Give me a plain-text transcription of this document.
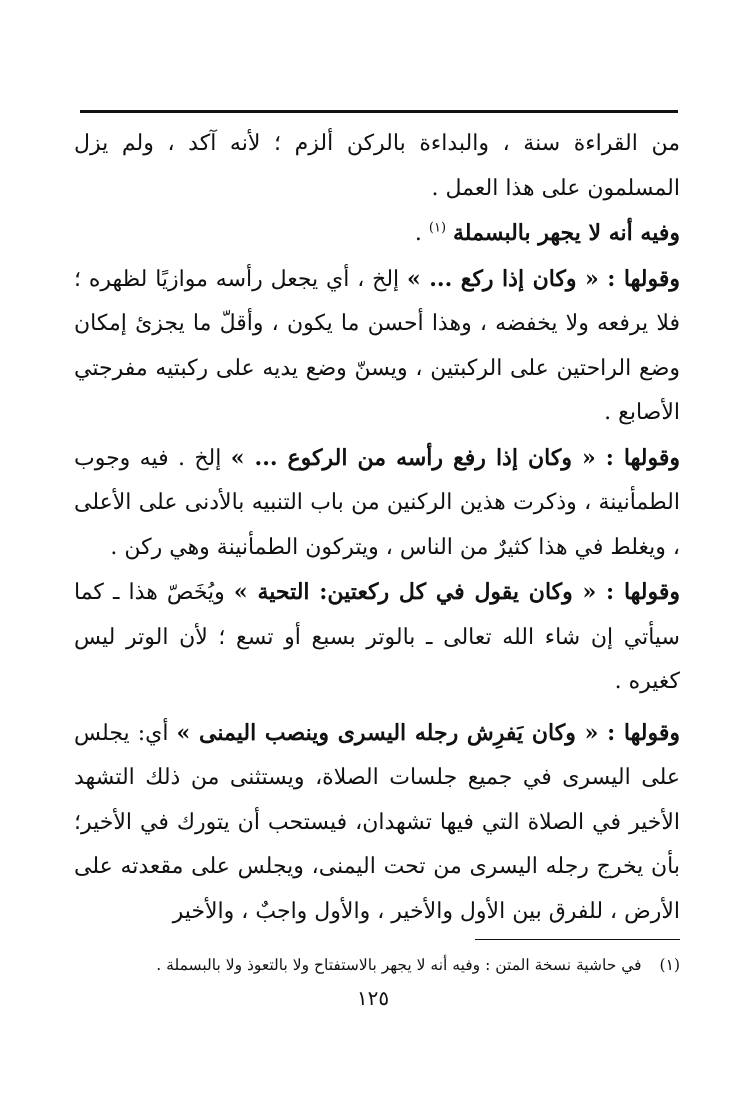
من القراءة سنة ، والبداءة بالركن ألزم ؛ لأنه آكد ، ولم يزل المسلمون على هذا العمل .

وفيه أنه لا يجهر بالبسملة $^{(١)}$ .

وقولها : « وكان إذا ركع ... » إلخ ، أي يجعل رأسه موازيًا لظهره ؛ فلا يرفعه ولا يخفضه ، وهذا أحسن ما يكون ، وأقلّ ما يجزئ إمكان وضع الراحتين على الركبتين ، ويسنّ وضع يديه على ركبتيه مفرجتي الأصابع .

وقولها : « وكان إذا رفع رأسه من الركوع ... » إلخ . فيه وجوب الطمأنينة ، وذكرت هذين الركنين من باب التنبيه بالأدنى على الأعلى ، ويغلط في هذا كثيرٌ من الناس ، ويتركون الطمأنينة وهي ركن .

وقولها : « وكان يقول في كل ركعتين: التحية » ويُخَصّ هذا ـ كما سيأتي إن شاء الله تعالى ـ بالوتر بسبع أو تسع ؛ لأن الوتر ليس كغيره .

وقولها : « وكان يَفرِش رجله اليسرى وينصب اليمنى » أي: يجلس على اليسرى في جميع جلسات الصلاة، ويستثنى من ذلك التشهد الأخير في الصلاة التي فيها تشهدان، فيستحب أن يتورك في الأخير؛ بأن يخرج رجله اليسرى من تحت اليمنى، ويجلس على مقعدته على الأرض ، للفرق بين الأول والأخير ، والأول واجبٌ ، والأخير

(١)في حاشية نسخة المتن : وفيه أنه لا يجهر بالاستفتاح ولا بالتعوذ ولا بالبسملة .
١٢٥
